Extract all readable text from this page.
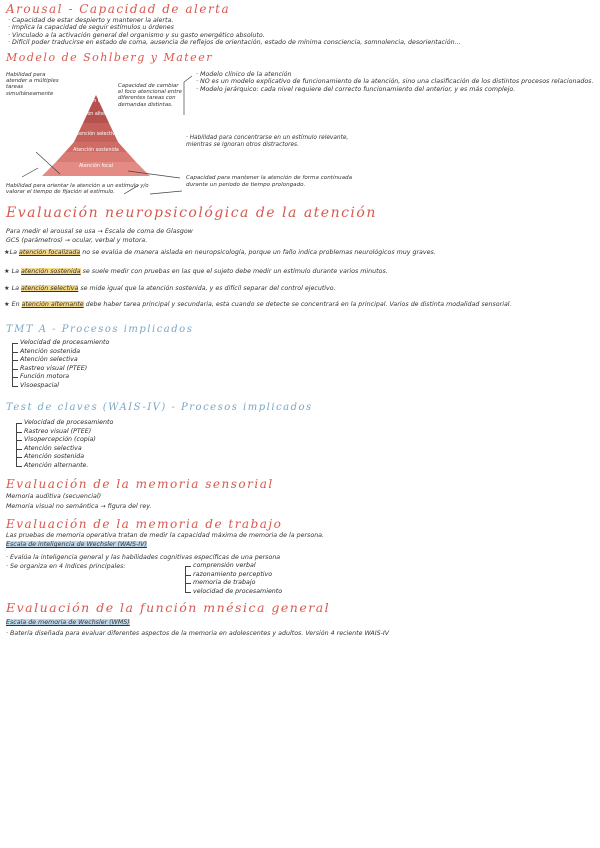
Arousal - Capacidad de alerta
· Capacidad de estar despierto y mantener la alerta.
· Implica la capacidad de seguir estímulos u órdenes
· Vinculado a la activación general del organismo y su gasto energético absoluto.
· Difícil poder traducirse en estado de coma, ausencia de reflejos de orientación, estado de mínima consciencia, somnolencia, desorientación...
Modelo de Sohlberg y Mateer
Habilidad para atender a múltiples tareas simultáneamente
Capacidad de cambiar el foco atencional entre diferentes tareas con demandas distintas.
Atención dividida
Atención alternante
Atención selectiva
Atención sostenida
Atención focal
Habilidad para orientar la atención a un estímulo y/o valorar el tiempo de fijación al estímulo.
Capacidad para mantener la atención de forma continuada durante un periodo de tiempo prolongado.
· Habilidad para concentrarse en un estímulo relevante, mientras se ignoran otros distractores.
· Modelo clínico de la atención
· NO es un modelo explicativo de funcionamiento de la atención, sino una clasificación de los distintos procesos relacionados.
· Modelo jerárquico: cada nivel requiere del correcto funcionamiento del anterior, y es más complejo.
Evaluación neuropsicológica de la atención
Para medir el arousal se usa → Escala de coma de Glasgow
GCS (parámetros) → ocular, verbal y motora.
★La atención focalizada no se evalúa de manera aislada en neuropsicología, porque un fallo indica problemas neurológicos muy graves.
★ La atención sostenida se suele medir con pruebas en las que el sujeto debe medir un estímulo durante varios minutos.
★ La atención selectiva se mide igual que la atención sostenida, y es difícil separar del control ejecutivo.
★ En atención alternante debe haber tarea principal y secundaria, esta cuando se detecte se concentrará en la principal. Varios de distinta modalidad sensorial.
TMT A - Procesos implicados
Velocidad de procesamiento
Atención sostenida
Atención selectiva
Rastreo visual (PTEE)
Función motora
Visoespacial
Test de claves (WAIS-IV) - Procesos implicados
Velocidad de procesamiento
Rastreo visual (PTEE)
Visopercepción (copia)
Atención selectiva
Atención sostenida
Atención alternante.
Evaluación de la memoria sensorial
Memoria auditiva (secuencial)
Memoria visual no semántica → figura del rey.
Evaluación de la memoria de trabajo
Las pruebas de memoria operativa tratan de medir la capacidad máxima de memoria de la persona.
Escala de inteligencia de Wechsler (WAIS-IV)
· Evalúa la inteligencia general y las habilidades cognitivas específicas de una persona
· Se organiza en 4 índices principales:	comprensión verbal
razonamiento perceptivo
memoria de trabajo
velocidad de procesamiento
Evaluación de la función mnésica general
Escala de memoria de Wechsler (WMS)
· Batería diseñada para evaluar diferentes aspectos de la memoria en adolescentes y adultos. Versión 4 reciente WAIS-IV
